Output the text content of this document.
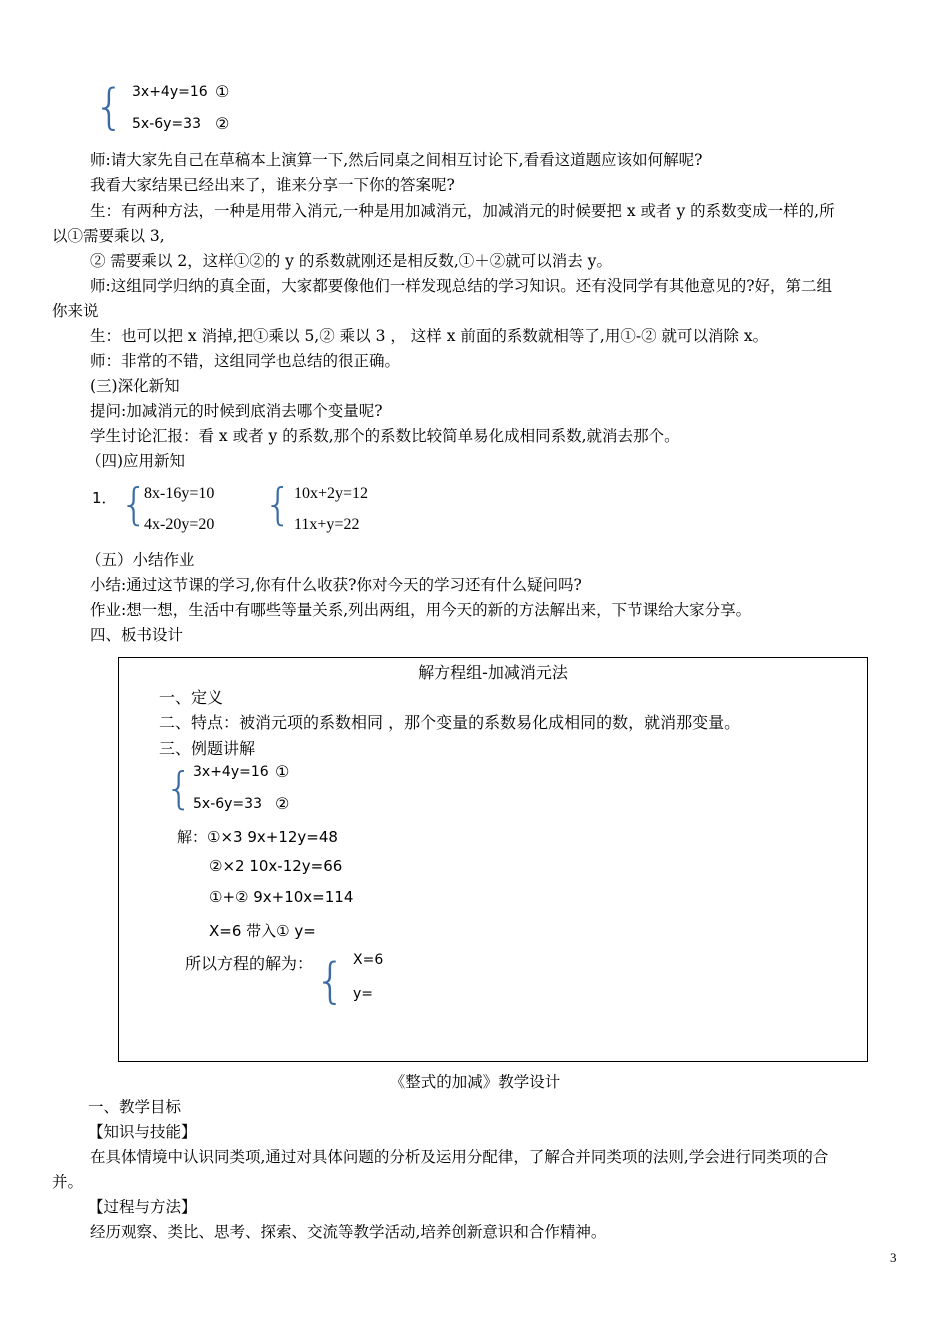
{ 3x+4y=16 ①
5x-6y=33 ②
师:请大家先自己在草稿本上演算一下,然后同桌之间相互讨论下,看看这道题应该如何解呢?
我看大家结果已经出来了，谁来分享一下你的答案呢?
生：有两种方法，一种是用带入消元,一种是用加减消元，加减消元的时候要把 x 或者 y 的系数变成一样的,所
以①需要乘以 3,
② 需要乘以 2，这样①②的 y 的系数就刚还是相反数,①＋②就可以消去 y。
师:这组同学归纳的真全面，大家都要像他们一样发现总结的学习知识。还有没同学有其他意见的?好，第二组
你来说
生：也可以把 x 消掉,把①乘以 5,② 乘以 3 ， 这样 x 前面的系数就相等了,用①-② 就可以消除 x。
师：非常的不错，这组同学也总结的很正确。
(三)深化新知
提问:加减消元的时候到底消去哪个变量呢?
学生讨论汇报：看 x 或者 y 的系数,那个的系数比较简单易化成相同系数,就消去那个。
（四)应用新知
1． {
8x-16y=10
4x-20y=20 { 10x+2y=12
11x+y=22
（五）小结作业
小结:通过这节课的学习,你有什么收获?你对今天的学习还有什么疑问吗?
作业:想一想，生活中有哪些等量关系,列出两组，用今天的新的方法解出来，下节课给大家分享。
四、板书设计
解方程组-加减消元法
一、定义
二、特点：被消元项的系数相同 ，那个变量的系数易化成相同的数，就消那变量。
三、例题讲解
{ 3x+4y=16 ①
5x-6y=33 ②
解：①×3 9x+12y=48
②×2 10x-12y=66
①+② 9x+10x=114
X=6 带入① y=
所以方程的解为： { X=6
y=
《整式的加减》教学设计
一、教学目标
【知识与技能】
在具体情境中认识同类项,通过对具体问题的分析及运用分配律，了解合并同类项的法则,学会进行同类项的合
并。
【过程与方法】
经历观察、类比、思考、探索、交流等教学活动,培养创新意识和合作精神。
3
